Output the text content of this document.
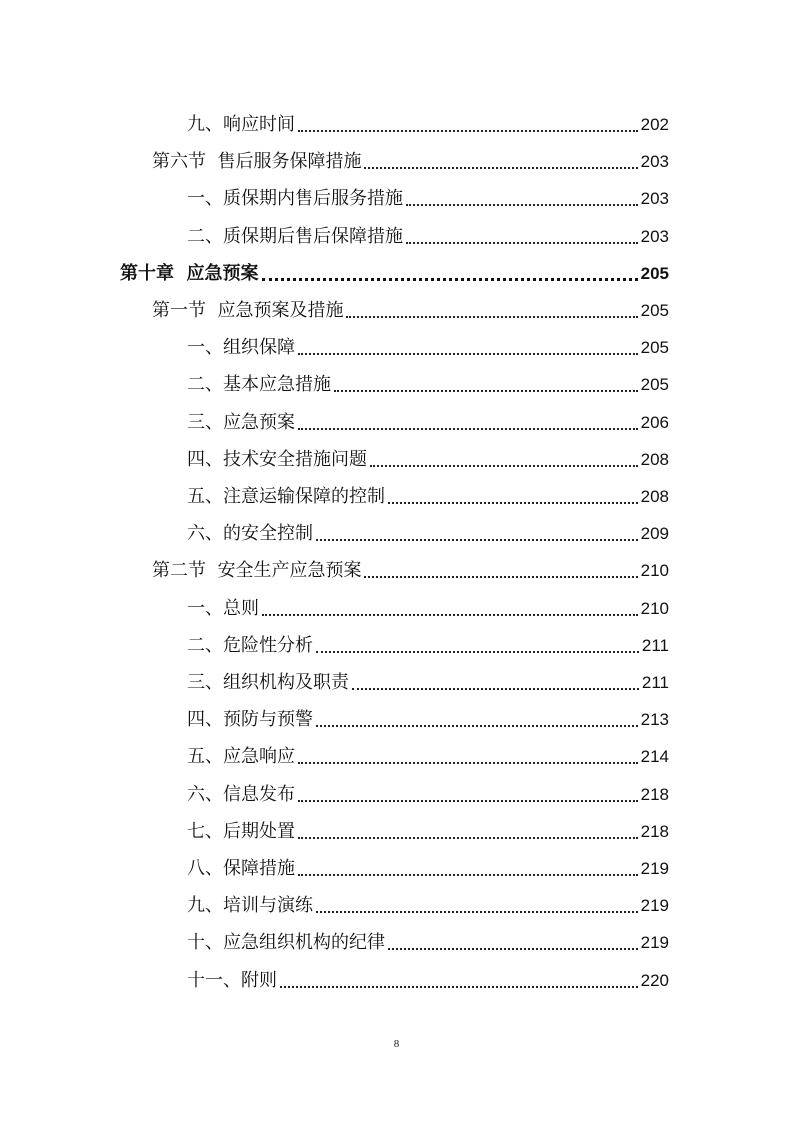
九、响应时间	202
第六节  售后服务保障措施	203
一、质保期内售后服务措施	203
二、质保期后售后保障措施	203
第十章  应急预案	205
第一节  应急预案及措施	205
一、组织保障	205
二、基本应急措施	205
三、应急预案	206
四、技术安全措施问题	208
五、注意运输保障的控制	208
六、的安全控制	209
第二节  安全生产应急预案	210
一、总则	210
二、危险性分析	211
三、组织机构及职责	211
四、预防与预警	213
五、应急响应	214
六、信息发布	218
七、后期处置	218
八、保障措施	219
九、培训与演练	219
十、应急组织机构的纪律	219
十一、附则	220
8
